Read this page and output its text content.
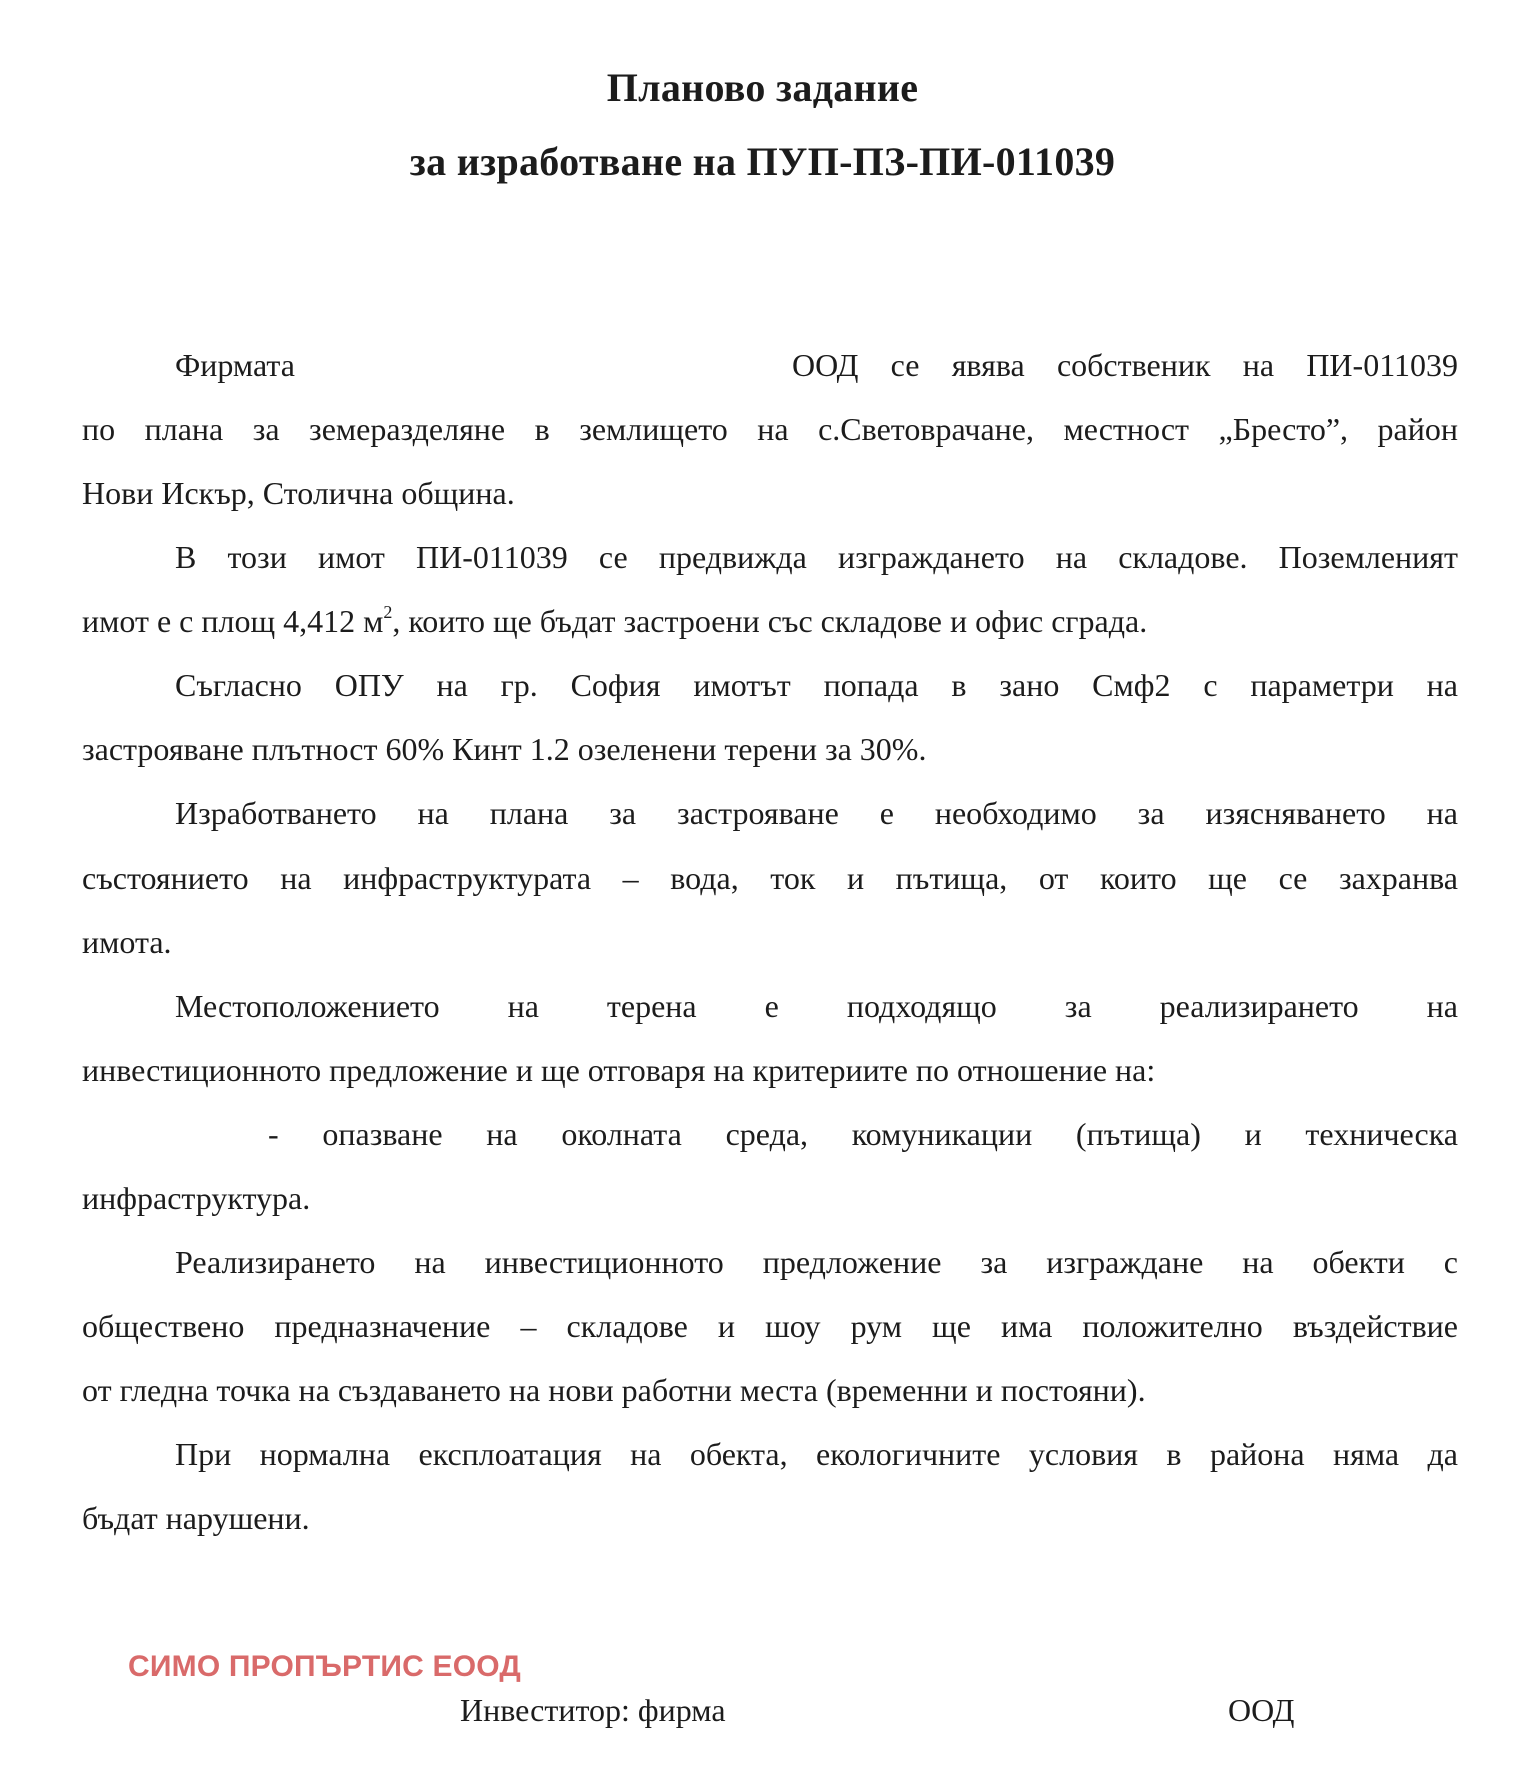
Планово задание
за изработване на ПУП-ПЗ-ПИ-011039
Фирмата	ООД се явява собственик на ПИ-011039
по плана за земеразделяне в землището на с.Световрачане, местност „Бресто”, район
Нови Искър, Столична община.
В този имот ПИ-011039 се предвижда изграждането на складове. Поземленият
имот е с площ 4,412 $м^2$, които ще бъдат застроени със складове и офис сграда.
Съгласно ОПУ на гр. София имотът попада в зано Смф2 с параметри на
застрояване плътност 60% Кинт 1.2 озеленени терени за 30%.
Изработването на плана за застрояване е необходимо за изясняването на
състоянието на инфраструктурата – вода, ток и пътища, от които ще се захранва
имота.
Местоположението на терена е подходящо за реализирането на
инвестиционното предложение и ще отговаря на критериите по отношение на:
- опазване на околната среда, комуникации (пътища) и техническа
инфраструктура.
Реализирането на инвестиционното предложение за изграждане на обекти с
обществено предназначение – складове и шоу рум ще има положително въздействие
от гледна точка на създаването на нови работни места (временни и постояни).
При нормална експлоатация на обекта, екологичните условия в района няма да
бъдат нарушени.
СИМО ПРОПЪРТИС ЕООД
Инвеститор: фирма	ООД
